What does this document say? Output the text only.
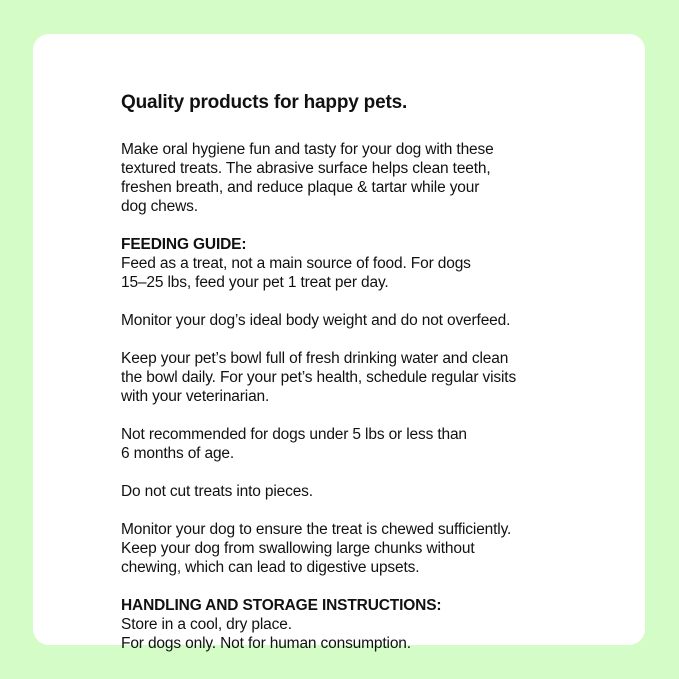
Quality products for happy pets.
Make oral hygiene fun and tasty for your dog with these
textured treats. The abrasive surface helps clean teeth,
freshen breath, and reduce plaque & tartar while your
dog chews.
FEEDING GUIDE:
Feed as a treat, not a main source of food. For dogs
15–25 lbs, feed your pet 1 treat per day.
Monitor your dog’s ideal body weight and do not overfeed.
Keep your pet’s bowl full of fresh drinking water and clean
the bowl daily. For your pet’s health, schedule regular visits
with your veterinarian.
Not recommended for dogs under 5 lbs or less than
6 months of age.
Do not cut treats into pieces.
Monitor your dog to ensure the treat is chewed sufficiently.
Keep your dog from swallowing large chunks without
chewing, which can lead to digestive upsets.
HANDLING AND STORAGE INSTRUCTIONS:
Store in a cool, dry place.
For dogs only. Not for human consumption.
